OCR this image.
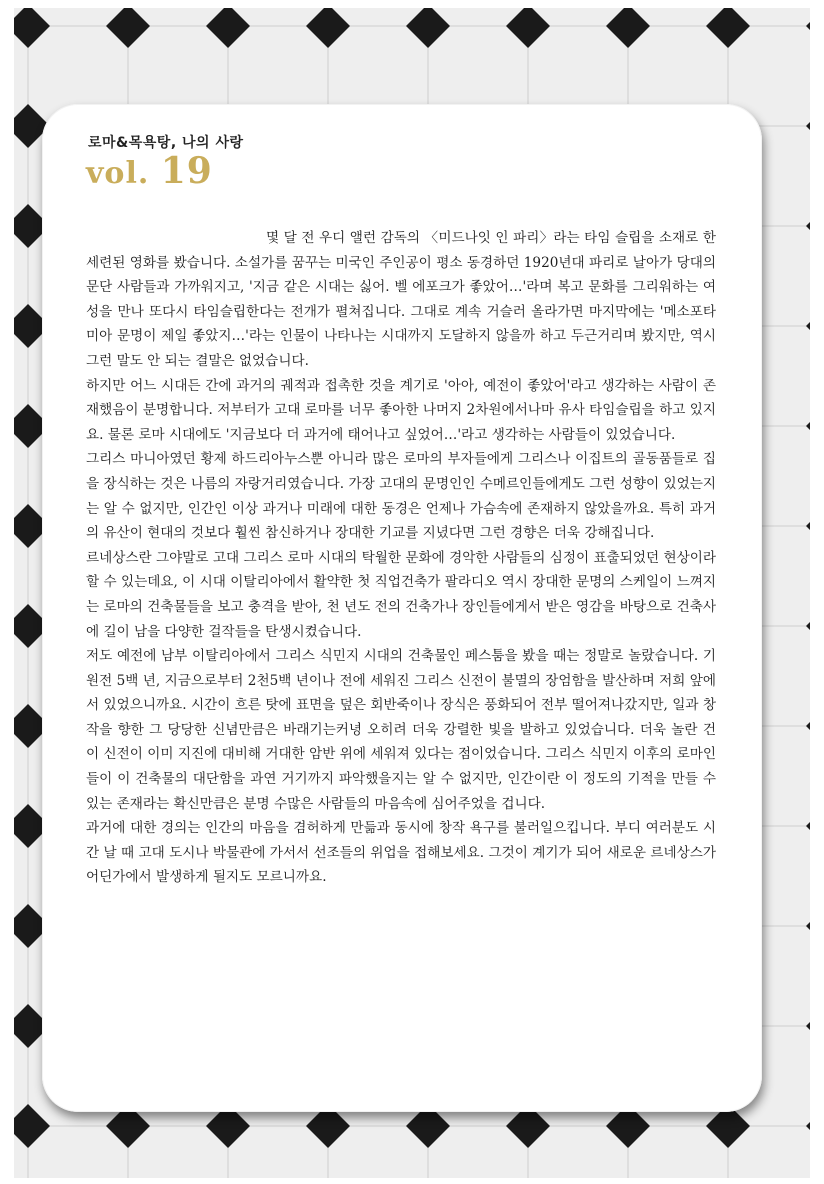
로마&목욕탕, 나의 사랑
vol. 19

몇 달 전 우디 앨런 감독의 〈미드나잇 인 파리〉라는 타임 슬립을 소재로 한 세련된 영화를 봤습니다. 소설가를 꿈꾸는 미국인 주인공이 평소 동경하던 1920년대 파리로 날아가 당대의 문단 사람들과 가까워지고, '지금 같은 시대는 싫어. 벨 에포크가 좋았어…'라며 복고 문화를 그리워하는 여성을 만나 또다시 타임슬립한다는 전개가 펼쳐집니다. 그대로 계속 거슬러 올라가면 마지막에는 '메소포타미아 문명이 제일 좋았지…'라는 인물이 나타나는 시대까지 도달하지 않을까 하고 두근거리며 봤지만, 역시 그런 말도 안 되는 결말은 없었습니다.

하지만 어느 시대든 간에 과거의 궤적과 접촉한 것을 계기로 '아아, 예전이 좋았어'라고 생각하는 사람이 존재했음이 분명합니다. 저부터가 고대 로마를 너무 좋아한 나머지 2차원에서나마 유사 타임슬립을 하고 있지요. 물론 로마 시대에도 '지금보다 더 과거에 태어나고 싶었어…'라고 생각하는 사람들이 있었습니다.

그리스 마니아였던 황제 하드리아누스뿐 아니라 많은 로마의 부자들에게 그리스나 이집트의 골동품들로 집을 장식하는 것은 나름의 자랑거리였습니다. 가장 고대의 문명인인 수메르인들에게도 그런 성향이 있었는지는 알 수 없지만, 인간인 이상 과거나 미래에 대한 동경은 언제나 가슴속에 존재하지 않았을까요. 특히 과거의 유산이 현대의 것보다 훨씬 참신하거나 장대한 기교를 지녔다면 그런 경향은 더욱 강해집니다.

르네상스란 그야말로 고대 그리스 로마 시대의 탁월한 문화에 경악한 사람들의 심정이 표출되었던 현상이라 할 수 있는데요, 이 시대 이탈리아에서 활약한 첫 직업건축가 팔라디오 역시 장대한 문명의 스케일이 느껴지는 로마의 건축물들을 보고 충격을 받아, 천 년도 전의 건축가나 장인들에게서 받은 영감을 바탕으로 건축사에 길이 남을 다양한 걸작들을 탄생시켰습니다.

저도 예전에 남부 이탈리아에서 그리스 식민지 시대의 건축물인 페스툼을 봤을 때는 정말로 놀랐습니다. 기원전 5백 년, 지금으로부터 2천5백 년이나 전에 세워진 그리스 신전이 불멸의 장엄함을 발산하며 저희 앞에 서 있었으니까요. 시간이 흐른 탓에 표면을 덮은 회반죽이나 장식은 풍화되어 전부 떨어져나갔지만, 일과 창작을 향한 그 당당한 신념만큼은 바래기는커녕 오히려 더욱 강렬한 빛을 발하고 있었습니다. 더욱 놀란 건 이 신전이 이미 지진에 대비해 거대한 암반 위에 세워져 있다는 점이었습니다. 그리스 식민지 이후의 로마인들이 이 건축물의 대단함을 과연 거기까지 파악했을지는 알 수 없지만, 인간이란 이 정도의 기적을 만들 수 있는 존재라는 확신만큼은 분명 수많은 사람들의 마음속에 심어주었을 겁니다.

과거에 대한 경의는 인간의 마음을 겸허하게 만듦과 동시에 창작 욕구를 불러일으킵니다. 부디 여러분도 시간 날 때 고대 도시나 박물관에 가서서 선조들의 위업을 접해보세요. 그것이 계기가 되어 새로운 르네상스가 어딘가에서 발생하게 될지도 모르니까요.
